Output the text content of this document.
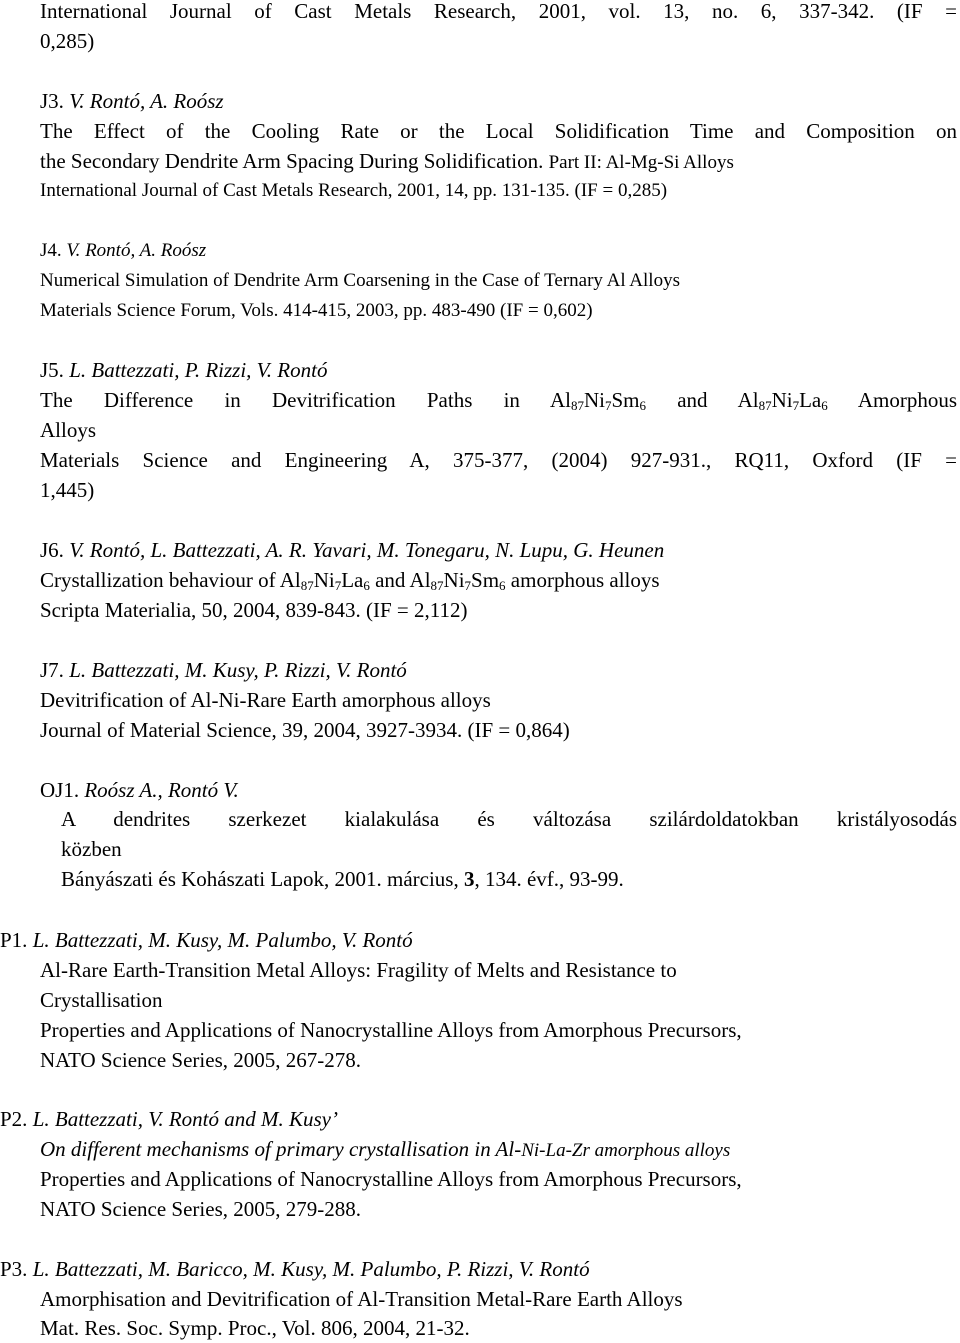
International Journal of Cast Metals Research, 2001, vol. 13, no. 6, 337-342. (IF =
0,285)
J3. V. Rontó, A. Roósz
The Effect of the Cooling Rate or the Local Solidification Time and Composition on
the Secondary Dendrite Arm Spacing During Solidification. Part II: Al-Mg-Si Alloys
International Journal of Cast Metals Research, 2001, 14, pp. 131-135. (IF = 0,285)
J4. V. Rontó, A. Roósz
Numerical Simulation of Dendrite Arm Coarsening in the Case of Ternary Al Alloys
Materials Science Forum, Vols. 414-415, 2003, pp. 483-490 (IF = 0,602)
J5. L. Battezzati, P. Rizzi, V. Rontó
The Difference in Devitrification Paths in $Al_{87}Ni_7Sm_6$ and $Al_{87}Ni_7La_6$ Amorphous
Alloys
Materials Science and Engineering A, 375-377, (2004) 927-931., RQ11, Oxford (IF =
1,445)
J6. V. Rontó, L. Battezzati, A. R. Yavari, M. Tonegaru, N. Lupu, G. Heunen
Crystallization behaviour of $Al_{87}Ni_7La_6$ and $Al_{87}Ni_7Sm_6$ amorphous alloys
Scripta Materialia, 50, 2004, 839-843. (IF = 2,112)
J7. L. Battezzati, M. Kusy, P. Rizzi, V. Rontó
Devitrification of Al-Ni-Rare Earth amorphous alloys
Journal of Material Science, 39, 2004, 3927-3934. (IF = 0,864)
OJ1. Roósz A., Rontó V.
A dendrites szerkezet kialakulása és változása szilárdoldatokban kristályosodás
közben
Bányászati és Kohászati Lapok, 2001. március, 3, 134. évf., 93-99.
P1. L. Battezzati, M. Kusy, M. Palumbo, V. Rontó
Al-Rare Earth-Transition Metal Alloys: Fragility of Melts and Resistance to
Crystallisation
Properties and Applications of Nanocrystalline Alloys from Amorphous Precursors,
NATO Science Series, 2005, 267-278.
P2. L. Battezzati, V. Rontó and M. Kusy’
On different mechanisms of primary crystallisation in Al-Ni-La-Zr amorphous alloys
Properties and Applications of Nanocrystalline Alloys from Amorphous Precursors,
NATO Science Series, 2005, 279-288.
P3. L. Battezzati, M. Baricco, M. Kusy, M. Palumbo, P. Rizzi, V. Rontó
Amorphisation and Devitrification of Al-Transition Metal-Rare Earth Alloys
Mat. Res. Soc. Symp. Proc., Vol. 806, 2004, 21-32.
